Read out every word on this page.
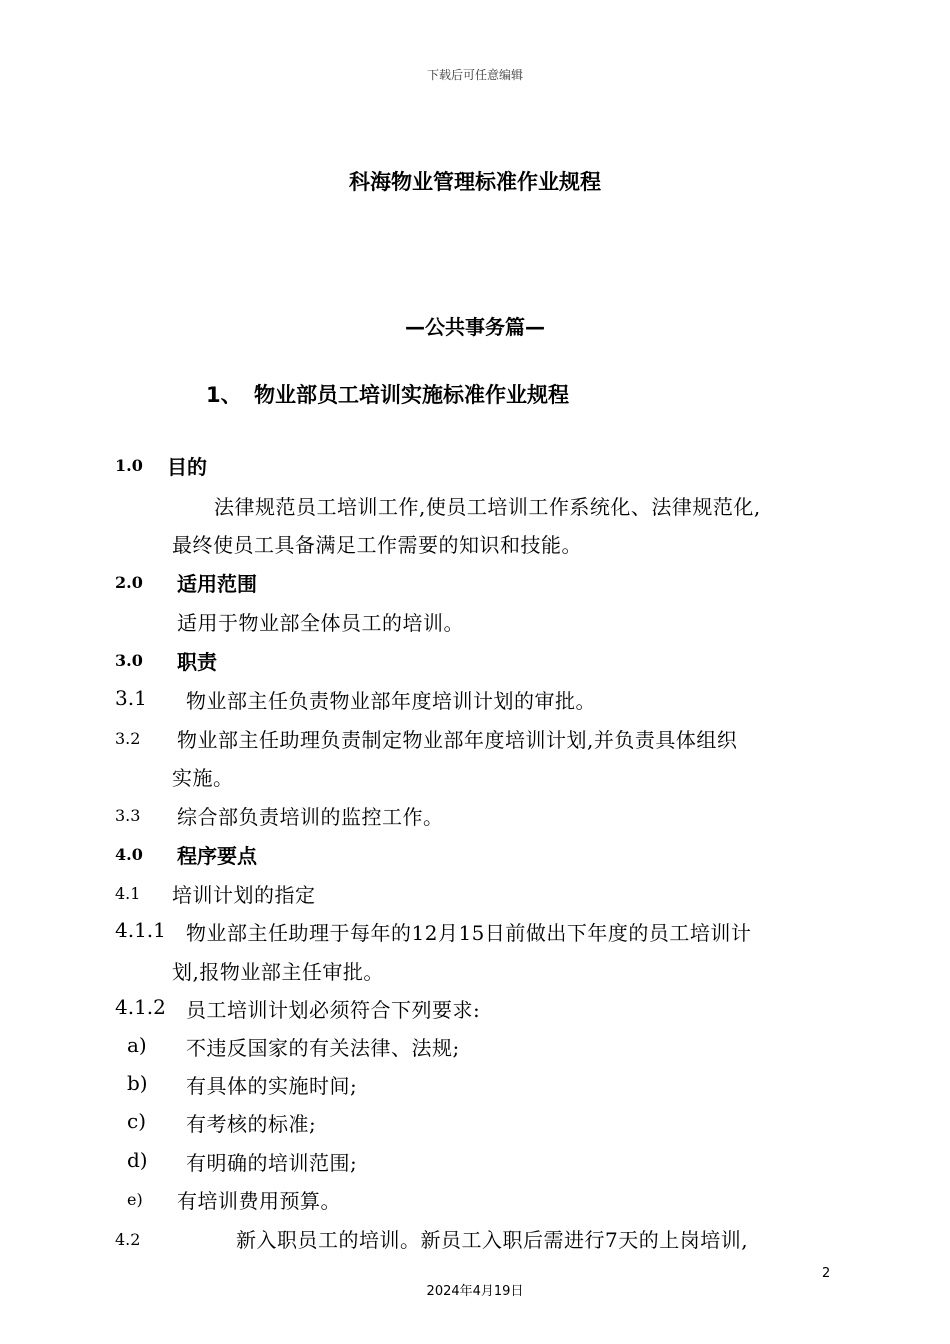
下载后可任意编辑
科海物业管理标准作业规程
—公共事务篇—
1、 物业部员工培训实施标准作业规程
1.0 目的
法律规范员工培训工作,使员工培训工作系统化、法律规范化,
最终使员工具备满足工作需要的知识和技能。
2.0 适用范围
适用于物业部全体员工的培训。
3.0 职责
3.1 物业部主任负责物业部年度培训计划的审批。
3.2 物业部主任助理负责制定物业部年度培训计划,并负责具体组织
实施。
3.3 综合部负责培训的监控工作。
4.0 程序要点
4.1 培训计划的指定
4.1.1 物业部主任助理于每年的12月15日前做出下年度的员工培训计
划,报物业部主任审批。
4.1.2 员工培训计划必须符合下列要求:
a) 不违反国家的有关法律、法规;
b) 有具体的实施时间;
c) 有考核的标准;
d) 有明确的培训范围;
e) 有培训费用预算。
4.2	新入职员工的培训。新员工入职后需进行7天的上岗培训,
2
2024年4月19日
